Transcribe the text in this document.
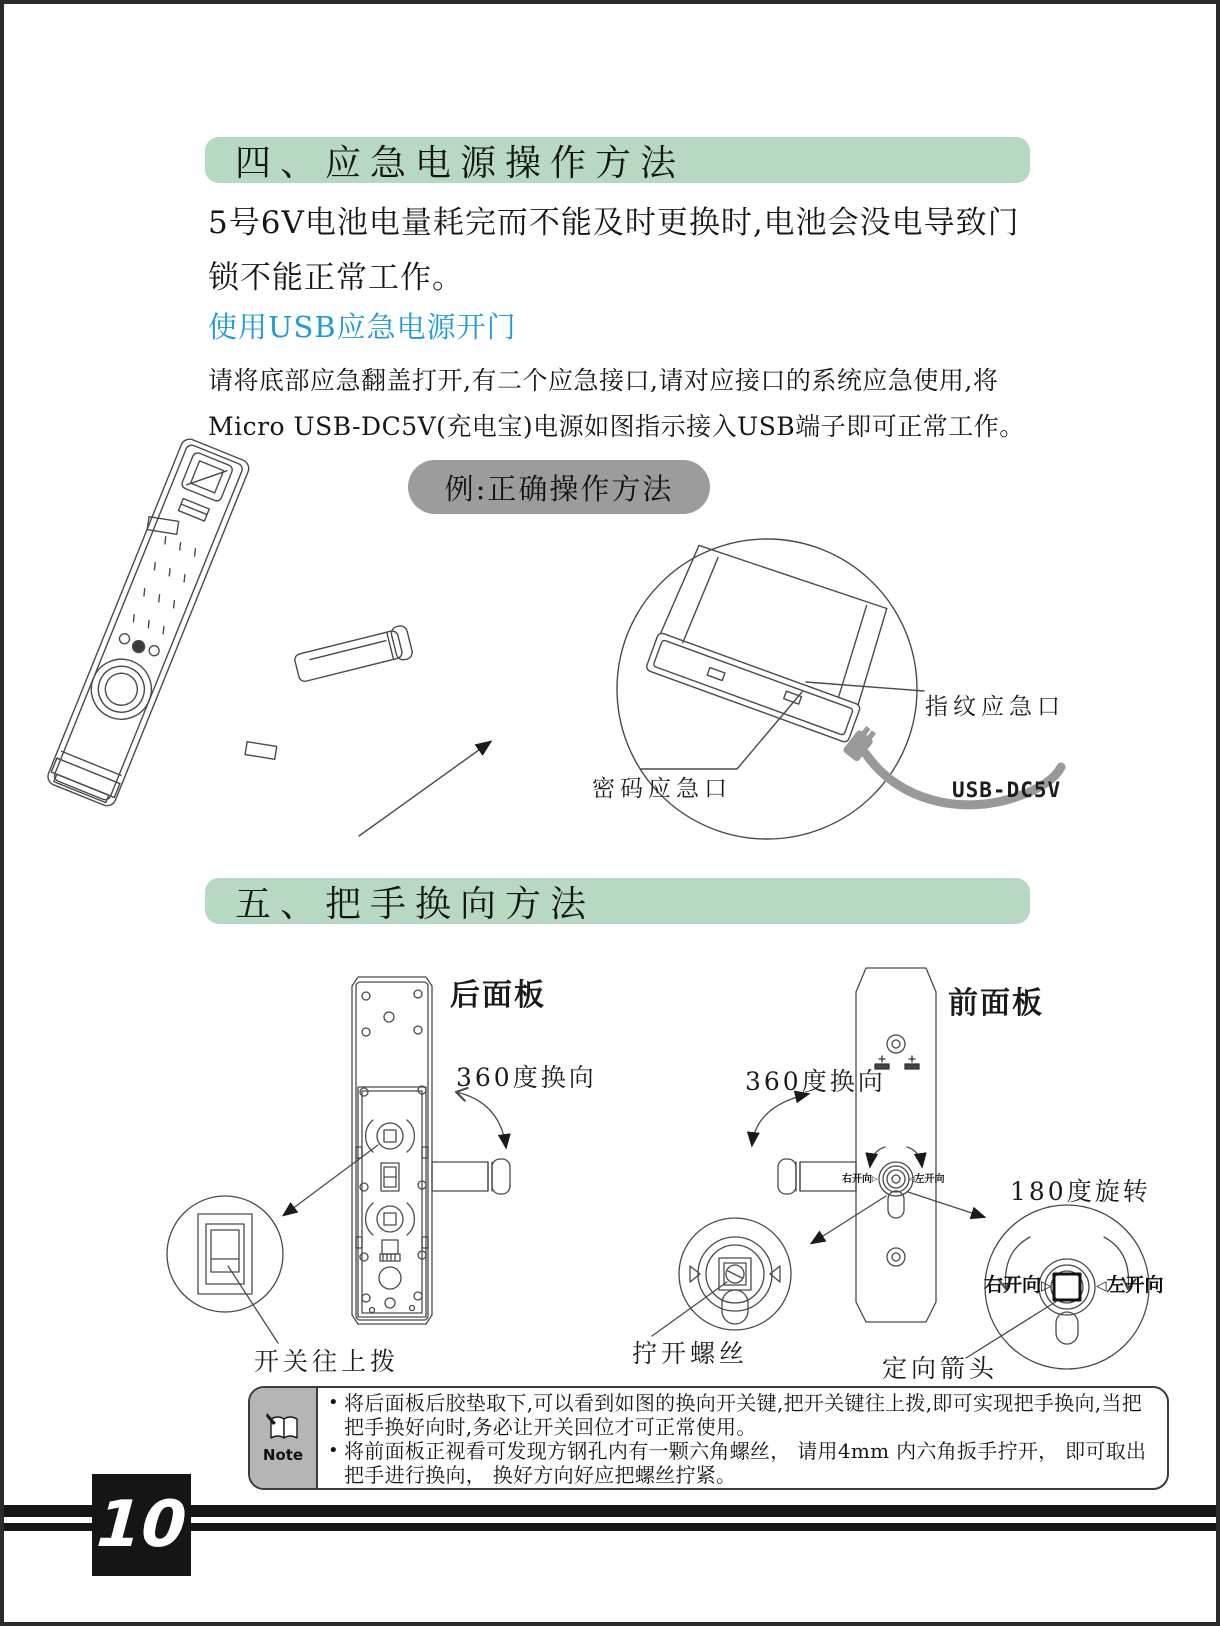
四、应急电源操作方法
5号6V电池电量耗完而不能及时更换时,电池会没电导致门
锁不能正常工作。
使用USB应急电源开门
请将底部应急翻盖打开,有二个应急接口,请对应接口的系统应急使用,将
Micro USB-DC5V(充电宝)电源如图指示接入USB端子即可正常工作。
例:正确操作方法
指纹应急口
密码应急口	USB-DC5V
五、把手换向方法
后面板	前面板
360度换向	360度换向
180度旋转
开关往上拨	拧开螺丝
定向箭头
右开向▷	◁左开向
右开向▷	◁左开向
Note
• 将后面板后胶垫取下,可以看到如图的换向开关键,把开关键往上拨,即可实现把手换向,当把把手换好向时,务必让开关回位才可正常使用。
• 将前面板正视看可发现方钢孔内有一颗六角螺丝， 请用4mm 内六角扳手拧开， 即可取出把手进行换向， 换好方向好应把螺丝拧紧。
10
